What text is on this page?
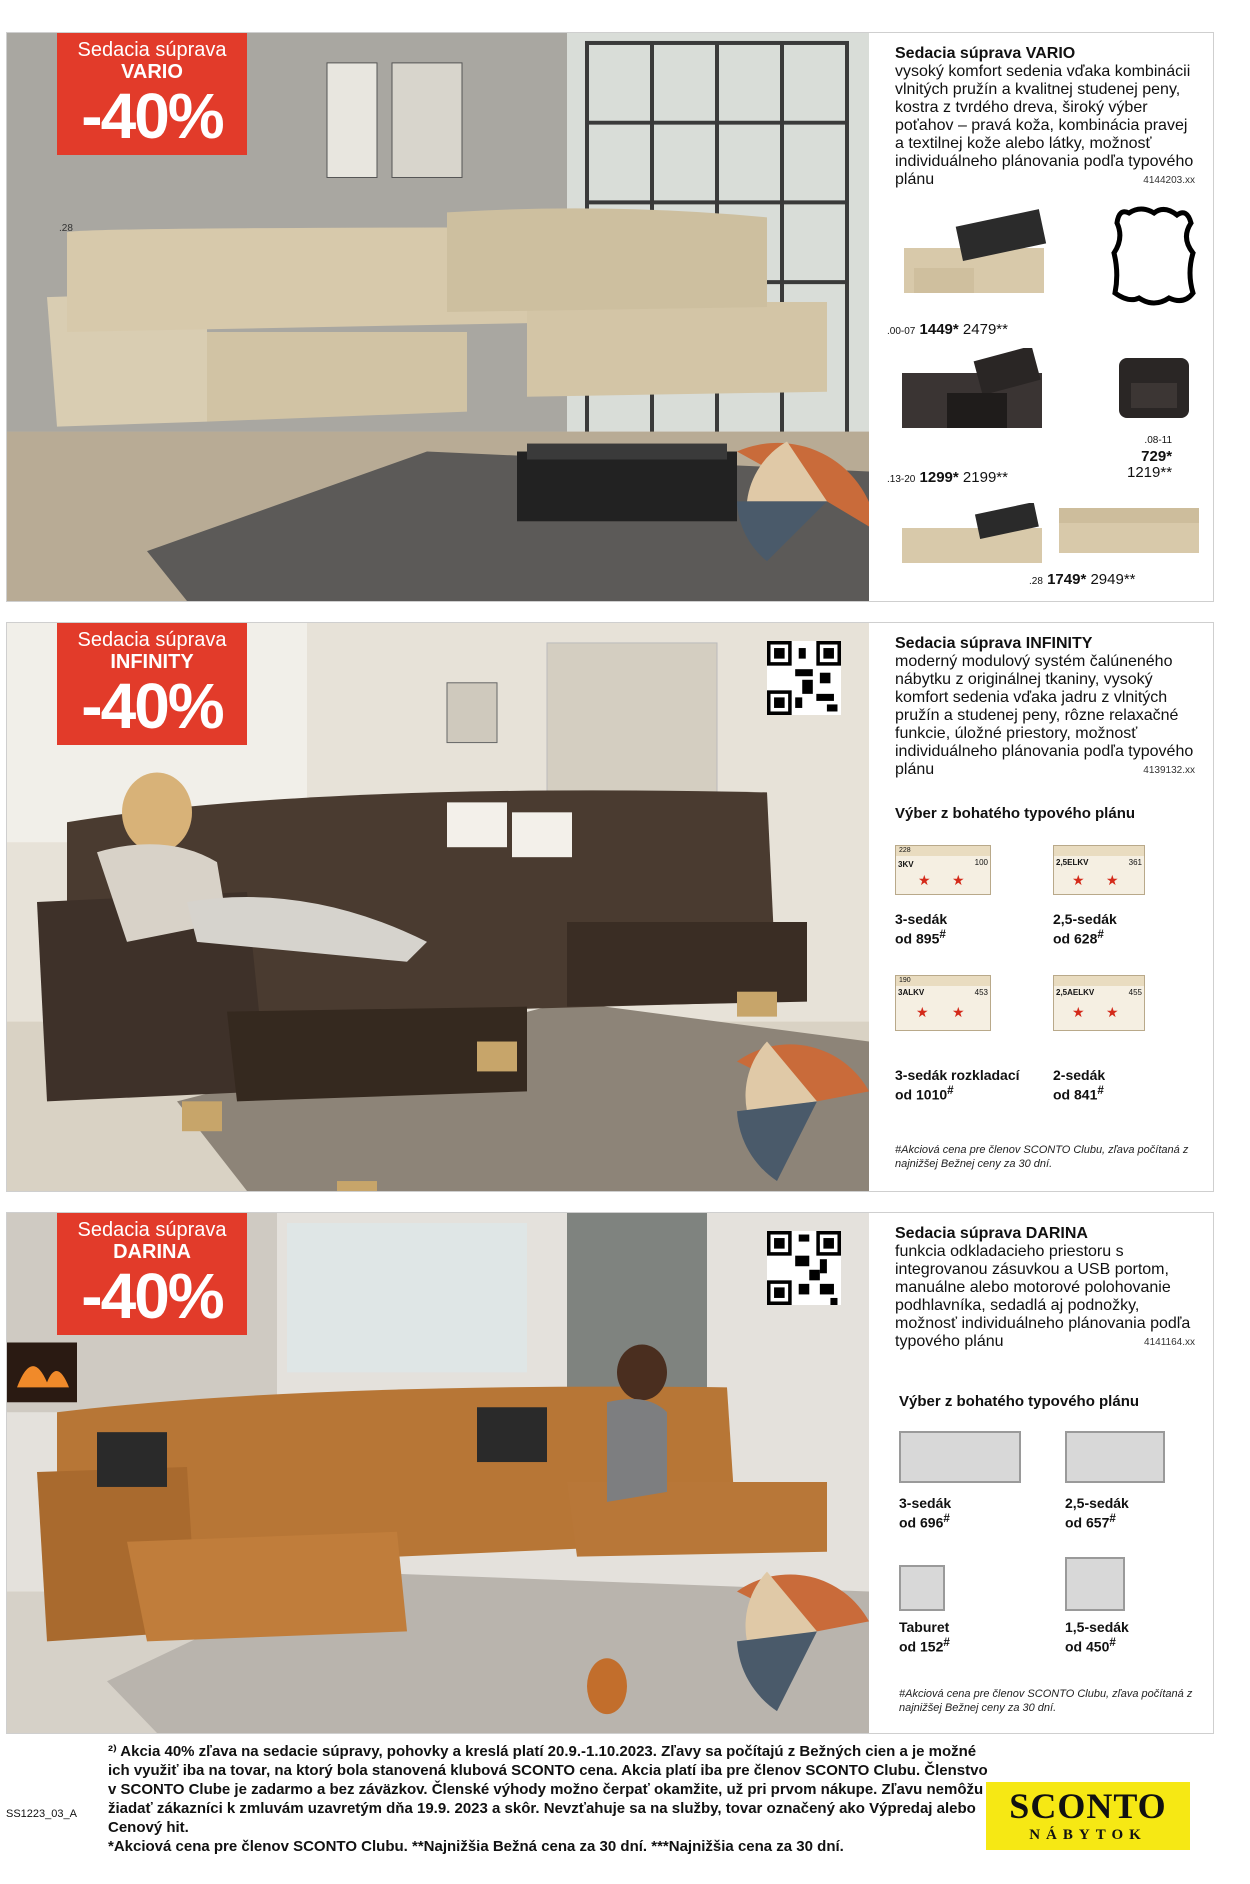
Sedacia súprava
VARIO
-40%
.28
Sedacia súprava VARIO
vysoký komfort sedenia vďaka kombinácii vlnitých pružín a kvalitnej studenej peny, kostra z tvrdého dreva, široký výber poťahov – pravá koža, kombinácia pravej a textilnej kože alebo látky, možnosť individuálneho plánovania podľa typového plánu	4144203.xx
.00-07 1449* 2479**
.08-11
729*
1219**
.13-20 1299* 2199**
.28 1749* 2949**
Sedacia súprava
INFINITY
-40%
Sedacia súprava INFINITY
moderný modulový systém čalúneného nábytku z originálnej tkaniny, vysoký komfort sedenia vďaka jadru z vlnitých pružín a studenej peny, rôzne relaxačné funkcie, úložné priestory, možnosť individuálneho plánovania podľa typového plánu	4139132.xx
Výber z bohatého typového plánu
228
3KV	100
★ ★
3-sedák
od 895#
2,5ELKV	361
★ ★
2,5-sedák
od 628#
190
3ALKV	453
★ ★
3-sedák rozkladací
od 1010#
2,5AELKV	455
★ ★
2-sedák
od 841#
#Akciová cena pre členov SCONTO Clubu, zľava počítaná z najnižšej Bežnej ceny za 30 dní.
Sedacia súprava
DARINA
-40%
Sedacia súprava DARINA
funkcia odkladacieho priestoru s integrovanou zásuvkou a USB portom, manuálne alebo motorové polohovanie podhlavníka, sedadlá aj podnožky, možnosť individuálneho plánovania podľa typového plánu	4141164.xx
Výber z bohatého typového plánu
3-sedák
od 696#
2,5-sedák
od 657#
Taburet
od 152#
1,5-sedák
od 450#
#Akciová cena pre členov SCONTO Clubu, zľava počítaná z najnižšej Bežnej ceny za 30 dní.
²⁾ Akcia 40% zľava na sedacie súpravy, pohovky a kreslá platí 20.9.-1.10.2023. Zľavy sa počítajú z Bežných cien a je možné ich využiť iba na tovar, na ktorý bola stanovená klubová SCONTO cena. Akcia platí iba pre členov SCONTO Clubu. Členstvo v SCONTO Clube je zadarmo a bez záväzkov. Členské výhody možno čerpať okamžite, už pri prvom nákupe. Zľavu nemôžu žiadať zákazníci k zmluvám uzavretým dňa 19.9. 2023 a skôr. Nevzťahuje sa na služby, tovar označený ako Výpredaj alebo Cenový hit.
*Akciová cena pre členov SCONTO Clubu. **Najnižšia Bežná cena za 30 dní. ***Najnižšia cena za 30 dní.
SS1223_03_A	SCONTO
NÁBYTOK
